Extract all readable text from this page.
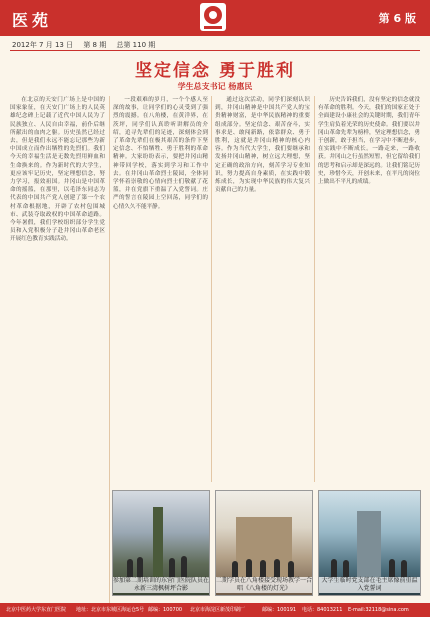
医苑	第 6 版
2012年 7 月 13 日 第 8 期 总第 110 期
坚定信念 勇于胜利
学生总支书记 杨惠民

在北京的天安门广场上是中国的国家象征，在天安门广场上的人民英雄纪念碑上记载了近代中国人民为了民族独立、人民自由幸福，前仆后继所献出的血肉之躯。历史虽然已经过去，但是我们永远不能忘记那些为新中国成立而作出牺牲的先烈们。我们今天的幸福生活是无数先烈用鲜血和生命换来的。作为新时代的大学生，更应该牢记历史，坚定理想信念，努力学习，报效祖国。井冈山是中国革命的摇篮，在那里，以毛泽东同志为代表的中国共产党人创建了第一个农村革命根据地，开辟了农村包围城市、武装夺取政权的中国革命道路。今年暑假，我们学校组织部分学生党员和入党积极分子赴井冈山革命老区开展红色教育实践活动。

一段艰难的岁月，一个个感人至深的故事，让同学们的心灵受到了强烈的震撼。在八角楼，在黄洋界，在茨坪，同学们认真聆听讲解员的介绍，追寻先辈们的足迹，深刻体会到了革命先辈们在极其艰苦的条件下坚定信念、不怕牺牲、勇于胜利的革命精神。大家纷纷表示，要把井冈山精神带回学校，落实到学习和工作中去。在井冈山革命烈士陵园，全体同学怀着崇敬的心情向烈士们敬献了花篮，并在党旗下重温了入党誓词。庄严的誓言在陵园上空回荡，同学们的心情久久不能平静。

通过这次活动，同学们深刻认识到，井冈山精神是中国共产党人的宝贵精神财富，是中华民族精神的重要组成部分。坚定信念、艰苦奋斗，实事求是、敢闯新路，依靠群众、勇于胜利，这就是井冈山精神的核心内容。作为当代大学生，我们要继承和发扬井冈山精神，树立远大理想，坚定正确的政治方向，刻苦学习专业知识，努力提高自身素质，在实践中锻炼成长，为实现中华民族的伟大复兴贡献自己的力量。

历史告诉我们，没有坚定的信念就没有革命的胜利。今天，我们的国家正处于全面建设小康社会的关键时期，我们青年学生肩负着光荣的历史使命。我们要以井冈山革命先辈为榜样，坚定理想信念，勇于创新，敢于担当，在学习中不断进步，在实践中不断成长。一路走来，一路收获。井冈山之行虽然短暂，但它留给我们的思考和启示却是深远的。让我们铭记历史，珍惜今天，开创未来，在平凡的岗位上做出不平凡的成绩。

参加第二期培训的东营门医院队员在永新三湾枫树坪合影
二期学员在八角楼接受现场教学一合唱《八角楼的灯光》
大学生临时党支部在毛主席像前重温入党誓词
北京中医药大学东直门医院 地址：北京市东城区海运仓5号 邮编：100700 北京市海淀区新茂印刷厂	邮编：100191 电话：84013211 E-mail:32118@sina.com
